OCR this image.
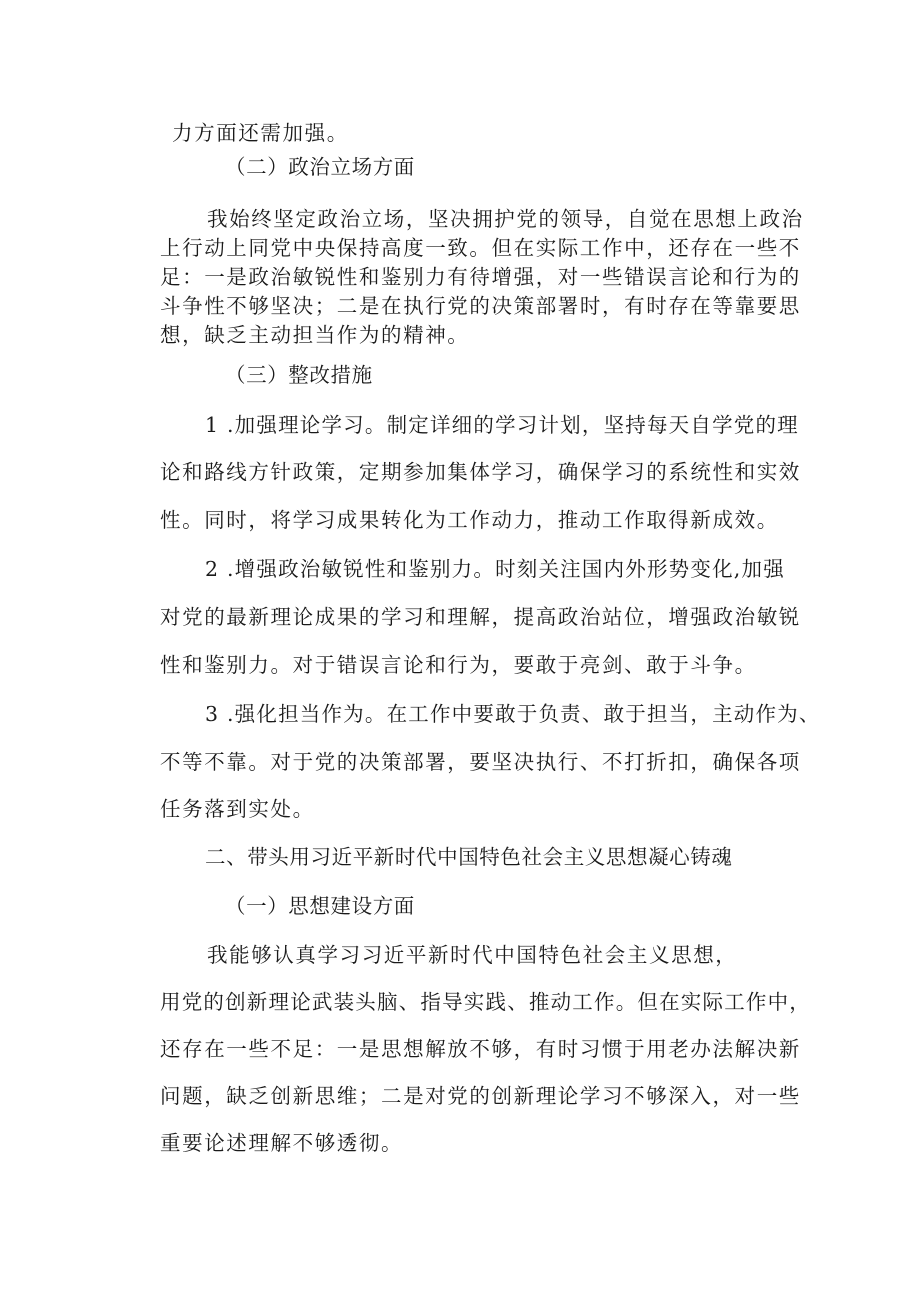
力方面还需加强。
（二）政治立场方面
我始终坚定政治立场，坚决拥护党的领导，自觉在思想上政治
上行动上同党中央保持高度一致。但在实际工作中，还存在一些不
足：一是政治敏锐性和鉴别力有待增强，对一些错误言论和行为的
斗争性不够坚决；二是在执行党的决策部署时，有时存在等靠要思
想，缺乏主动担当作为的精神。
（三）整改措施
1 .加强理论学习。制定详细的学习计划，坚持每天自学党的理
论和路线方针政策，定期参加集体学习，确保学习的系统性和实效
性。同时，将学习成果转化为工作动力，推动工作取得新成效。
2 .增强政治敏锐性和鉴别力。时刻关注国内外形势变化,加强
对党的最新理论成果的学习和理解，提高政治站位，增强政治敏锐
性和鉴别力。对于错误言论和行为，要敢于亮剑、敢于斗争。
3 .强化担当作为。在工作中要敢于负责、敢于担当，主动作为、
不等不靠。对于党的决策部署，要坚决执行、不打折扣，确保各项
任务落到实处。
二、带头用习近平新时代中国特色社会主义思想凝心铸魂
（一）思想建设方面
我能够认真学习习近平新时代中国特色社会主义思想，
用党的创新理论武装头脑、指导实践、推动工作。但在实际工作中，
还存在一些不足：一是思想解放不够，有时习惯于用老办法解决新
问题，缺乏创新思维；二是对党的创新理论学习不够深入，对一些
重要论述理解不够透彻。
